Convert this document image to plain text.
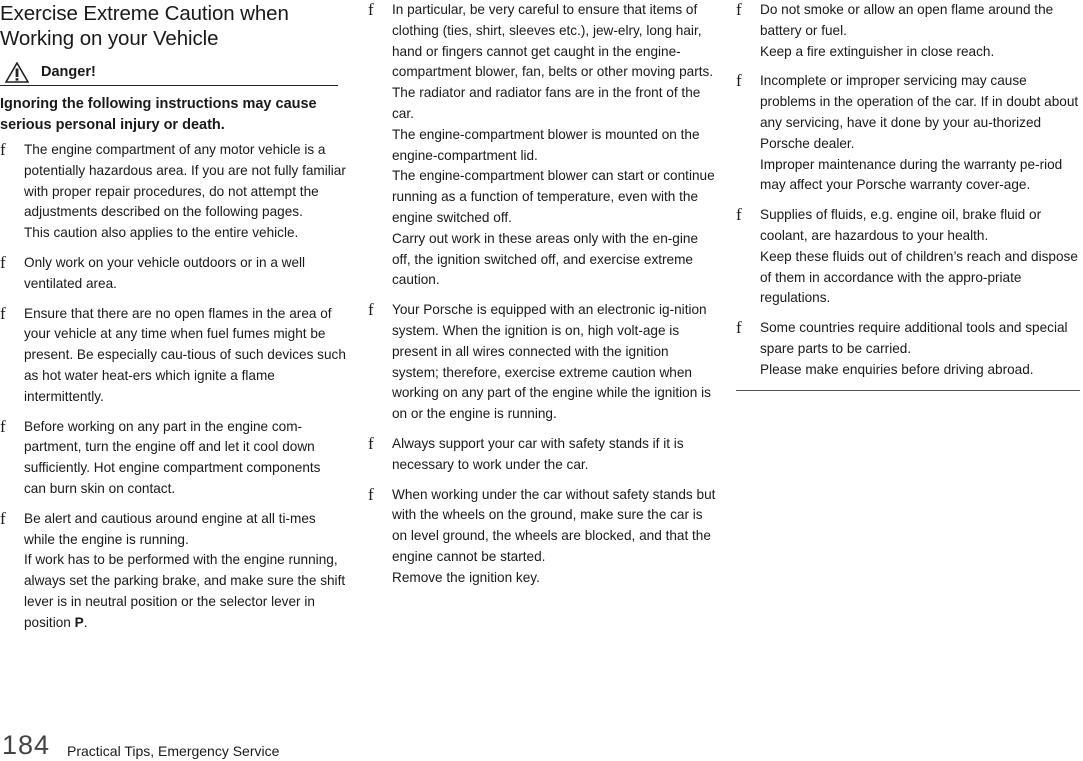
Exercise Extreme Caution when Working on your Vehicle
Danger!

Ignoring the following instructions may cause serious personal injury or death.

f The engine compartment of any motor vehicle is a potentially hazardous area. If you are not fully familiar with proper repair procedures, do not attempt the adjustments described on the following pages.

This caution also applies to the entire vehicle.

f Only work on your vehicle outdoors or in a well ventilated area.

f Ensure that there are no open flames in the area of your vehicle at any time when fuel fumes might be present. Be especially cau-tious of such devices such as hot water heat-ers which ignite a flame intermittently.

f Before working on any part in the engine com-partment, turn the engine off and let it cool down sufficiently. Hot engine compartment components can burn skin on contact.

f Be alert and cautious around engine at all ti-mes while the engine is running.

If work has to be performed with the engine running, always set the parking brake, and make sure the shift lever is in neutral position or the selector lever in position P.

f In particular, be very careful to ensure that items of clothing (ties, shirt, sleeves etc.), jew-elry, long hair, hand or fingers cannot get caught in the engine-compartment blower, fan, belts or other moving parts.

The radiator and radiator fans are in the front of the car.

The engine-compartment blower is mounted on the engine-compartment lid.

The engine-compartment blower can start or continue running as a function of temperature, even with the engine switched off.

Carry out work in these areas only with the en-gine off, the ignition switched off, and exercise extreme caution.

f Your Porsche is equipped with an electronic ig-nition system. When the ignition is on, high volt-age is present in all wires connected with the ignition system; therefore, exercise extreme caution when working on any part of the engine while the ignition is on or the engine is running.

f Always support your car with safety stands if it is necessary to work under the car.

f When working under the car without safety stands but with the wheels on the ground, make sure the car is on level ground, the wheels are blocked, and that the engine cannot be started.

Remove the ignition key.

f Do not smoke or allow an open flame around the battery or fuel.

Keep a fire extinguisher in close reach.

f Incomplete or improper servicing may cause problems in the operation of the car. If in doubt about any servicing, have it done by your au-thorized Porsche dealer.

Improper maintenance during the warranty pe-riod may affect your Porsche warranty cover-age.

f Supplies of fluids, e.g. engine oil, brake fluid or coolant, are hazardous to your health.

Keep these fluids out of children’s reach and dispose of them in accordance with the appro-priate regulations.

f Some countries require additional tools and special spare parts to be carried.

Please make enquiries before driving abroad.

184 Practical Tips, Emergency Service
